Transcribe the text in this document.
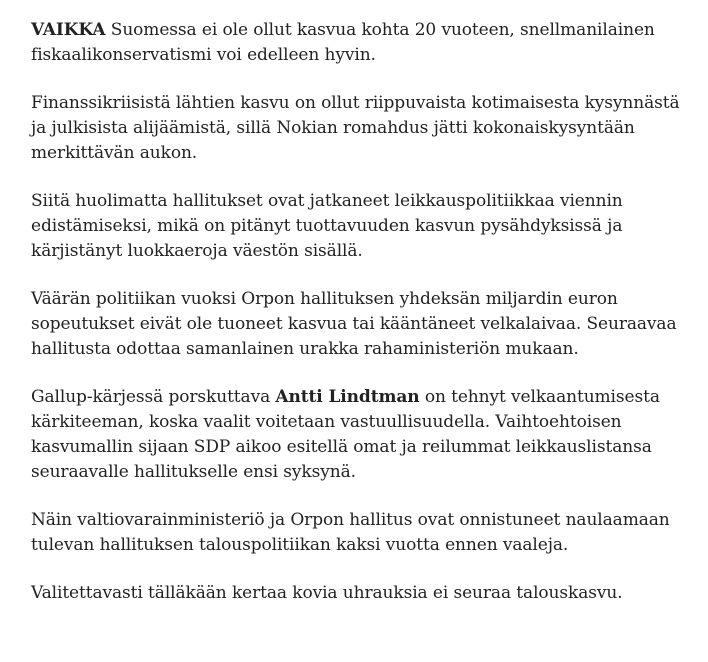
VAIKKA Suomessa ei ole ollut kasvua kohta 20 vuoteen, snellmanilainen fiskaalikonservatismi voi edelleen hyvin.

Finanssikriisistä lähtien kasvu on ollut riippuvaista kotimaisesta kysynnästä ja julkisista alijäämistä, sillä Nokian romahdus jätti kokonaiskysyntään merkittävän aukon.

Siitä huolimatta hallitukset ovat jatkaneet leikkauspolitiikkaa viennin edistämiseksi, mikä on pitänyt tuottavuuden kasvun pysähdyksissä ja kärjistänyt luokkaeroja väestön sisällä.

Väärän politiikan vuoksi Orpon hallituksen yhdeksän miljardin euron sopeutukset eivät ole tuoneet kasvua tai kääntäneet velkalaivaa. Seuraavaa hallitusta odottaa samanlainen urakka rahaministeriön mukaan.

Gallup-kärjessä porskuttava Antti Lindtman on tehnyt velkaantumisesta kärkiteeman, koska vaalit voitetaan vastuullisuudella. Vaihtoehtoisen kasvumallin sijaan SDP aikoo esitellä omat ja reilummat leikkauslistansa seuraavalle hallitukselle ensi syksynä.

Näin valtiovarainministeriö ja Orpon hallitus ovat onnistuneet naulaamaan tulevan hallituksen talouspolitiikan kaksi vuotta ennen vaaleja.

Valitettavasti tälläkään kertaa kovia uhrauksia ei seuraa talouskasvu.
